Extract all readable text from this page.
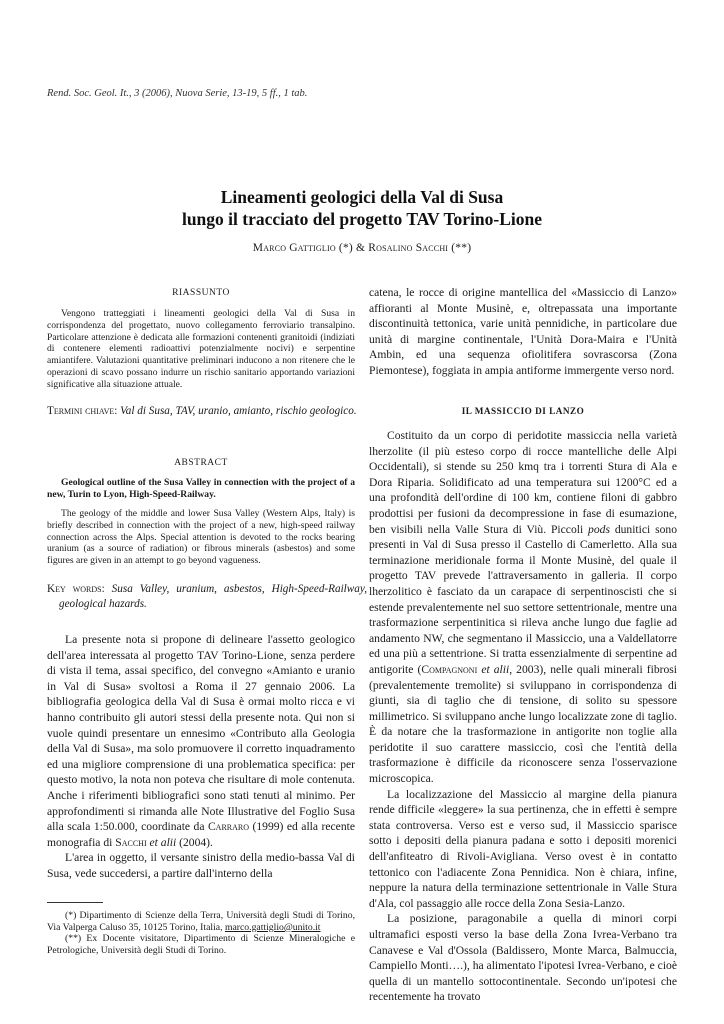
Rend. Soc. Geol. It., 3 (2006), Nuova Serie, 13-19, 5 ff., 1 tab.
Lineamenti geologici della Val di Susa
lungo il tracciato del progetto TAV Torino-Lione
Marco Gattiglio (*) & Rosalino Sacchi (**)
RIASSUNTO
Vengono tratteggiati i lineamenti geologici della Val di Susa in corrispondenza del progettato, nuovo collegamento ferroviario transalpino. Particolare attenzione è dedicata alle formazioni contenenti granitoidi (indiziati di contenere elementi radioattivi potenzialmente nocivi) e serpentine amiantifere. Valutazioni quantitative preliminari inducono a non ritenere che le operazioni di scavo possano indurre un rischio sanitario apportando variazioni significative alla situazione attuale.

Termini chiave: Val di Susa, TAV, uranio, amianto, rischio geologico.

ABSTRACT
Geological outline of the Susa Valley in connection with the project of a new, Turin to Lyon, High-Speed-Railway.
The geology of the middle and lower Susa Valley (Western Alps, Italy) is briefly described in connection with the project of a new, high-speed railway connection across the Alps. Special attention is devoted to the rocks bearing uranium (as a source of radiation) or fibrous minerals (asbestos) and some figures are given in an attempt to go beyond vagueness.

Key words: Susa Valley, uranium, asbestos, High-Speed-Railway, geological hazards.

La presente nota si propone di delineare l'assetto geologico dell'area interessata al progetto TAV Torino-Lione, senza perdere di vista il tema, assai specifico, del convegno «Amianto e uranio in Val di Susa» svoltosi a Roma il 27 gennaio 2006. La bibliografia geologica della Val di Susa è ormai molto ricca e vi hanno contribuito gli autori stessi della presente nota. Qui non si vuole quindi presentare un ennesimo «Contributo alla Geologia della Val di Susa», ma solo promuovere il corretto inquadramento ed una migliore comprensione di una problematica specifica: per questo motivo, la nota non poteva che risultare di mole contenuta. Anche i riferimenti bibliografici sono stati tenuti al minimo. Per approfondimenti si rimanda alle Note Illustrative del Foglio Susa alla scala 1:50.000, coordinate da Carraro (1999) ed alla recente monografia di Sacchi et alii (2004).

L'area in oggetto, il versante sinistro della medio-bassa Val di Susa, vede succedersi, a partire dall'interno della

(*) Dipartimento di Scienze della Terra, Università degli Studi di Torino, Via Valperga Caluso 35, 10125 Torino, Italia, marco.gattiglio@unito.it

(**) Ex Docente visitatore, Dipartimento di Scienze Mineralogiche e Petrologiche, Università degli Studi di Torino.

catena, le rocce di origine mantellica del «Massiccio di Lanzo» affioranti al Monte Musinè, e, oltrepassata una importante discontinuità tettonica, varie unità pennidiche, in particolare due unità di margine continentale, l'Unità Dora-Maira e l'Unità Ambin, ed una sequenza ofiolitifera sovrascorsa (Zona Piemontese), foggiata in ampia antiforme immergente verso nord.

IL MASSICCIO DI LANZO

Costituito da un corpo di peridotite massiccia nella varietà lherzolite (il più esteso corpo di rocce mantelliche delle Alpi Occidentali), si stende su 250 kmq tra i torrenti Stura di Ala e Dora Riparia. Solidificato ad una temperatura sui 1200°C ed a una profondità dell'ordine di 100 km, contiene filoni di gabbro prodottisi per fusioni da decompressione in fase di esumazione, ben visibili nella Valle Stura di Viù. Piccoli pods dunitici sono presenti in Val di Susa presso il Castello di Camerletto. Alla sua terminazione meridionale forma il Monte Musinè, del quale il progetto TAV prevede l'attraversamento in galleria. Il corpo lherzolitico è fasciato da un carapace di serpentinoscisti che si estende prevalentemente nel suo settore settentrionale, mentre una trasformazione serpentinitica si rileva anche lungo due faglie ad andamento NW, che segmentano il Massiccio, una a Valdellatorre ed una più a settentrione. Si tratta essenzialmente di serpentine ad antigorite (Compagnoni et alii, 2003), nelle quali minerali fibrosi (prevalentemente tremolite) si sviluppano in corrispondenza di giunti, sia di taglio che di tensione, di solito su spessore millimetrico. Si sviluppano anche lungo localizzate zone di taglio. È da notare che la trasformazione in antigorite non toglie alla peridotite il suo carattere massiccio, così che l'entità della trasformazione è difficile da riconoscere senza l'osservazione microscopica.

La localizzazione del Massiccio al margine della pianura rende difficile «leggere» la sua pertinenza, che in effetti è sempre stata controversa. Verso est e verso sud, il Massiccio sparisce sotto i depositi della pianura padana e sotto i depositi morenici dell'anfiteatro di Rivoli-Avigliana. Verso ovest è in contatto tettonico con l'adiacente Zona Pennidica. Non è chiara, infine, neppure la natura della terminazione settentrionale in Valle Stura d'Ala, col passaggio alle rocce della Zona Sesia-Lanzo.

La posizione, paragonabile a quella di minori corpi ultramafici esposti verso la base della Zona Ivrea-Verbano tra Canavese e Val d'Ossola (Baldissero, Monte Marca, Balmuccia, Campiello Monti….), ha alimentato l'ipotesi Ivrea-Verbano, e cioè quella di un mantello sottocontinentale. Secondo un'ipotesi che recentemente ha trovato
